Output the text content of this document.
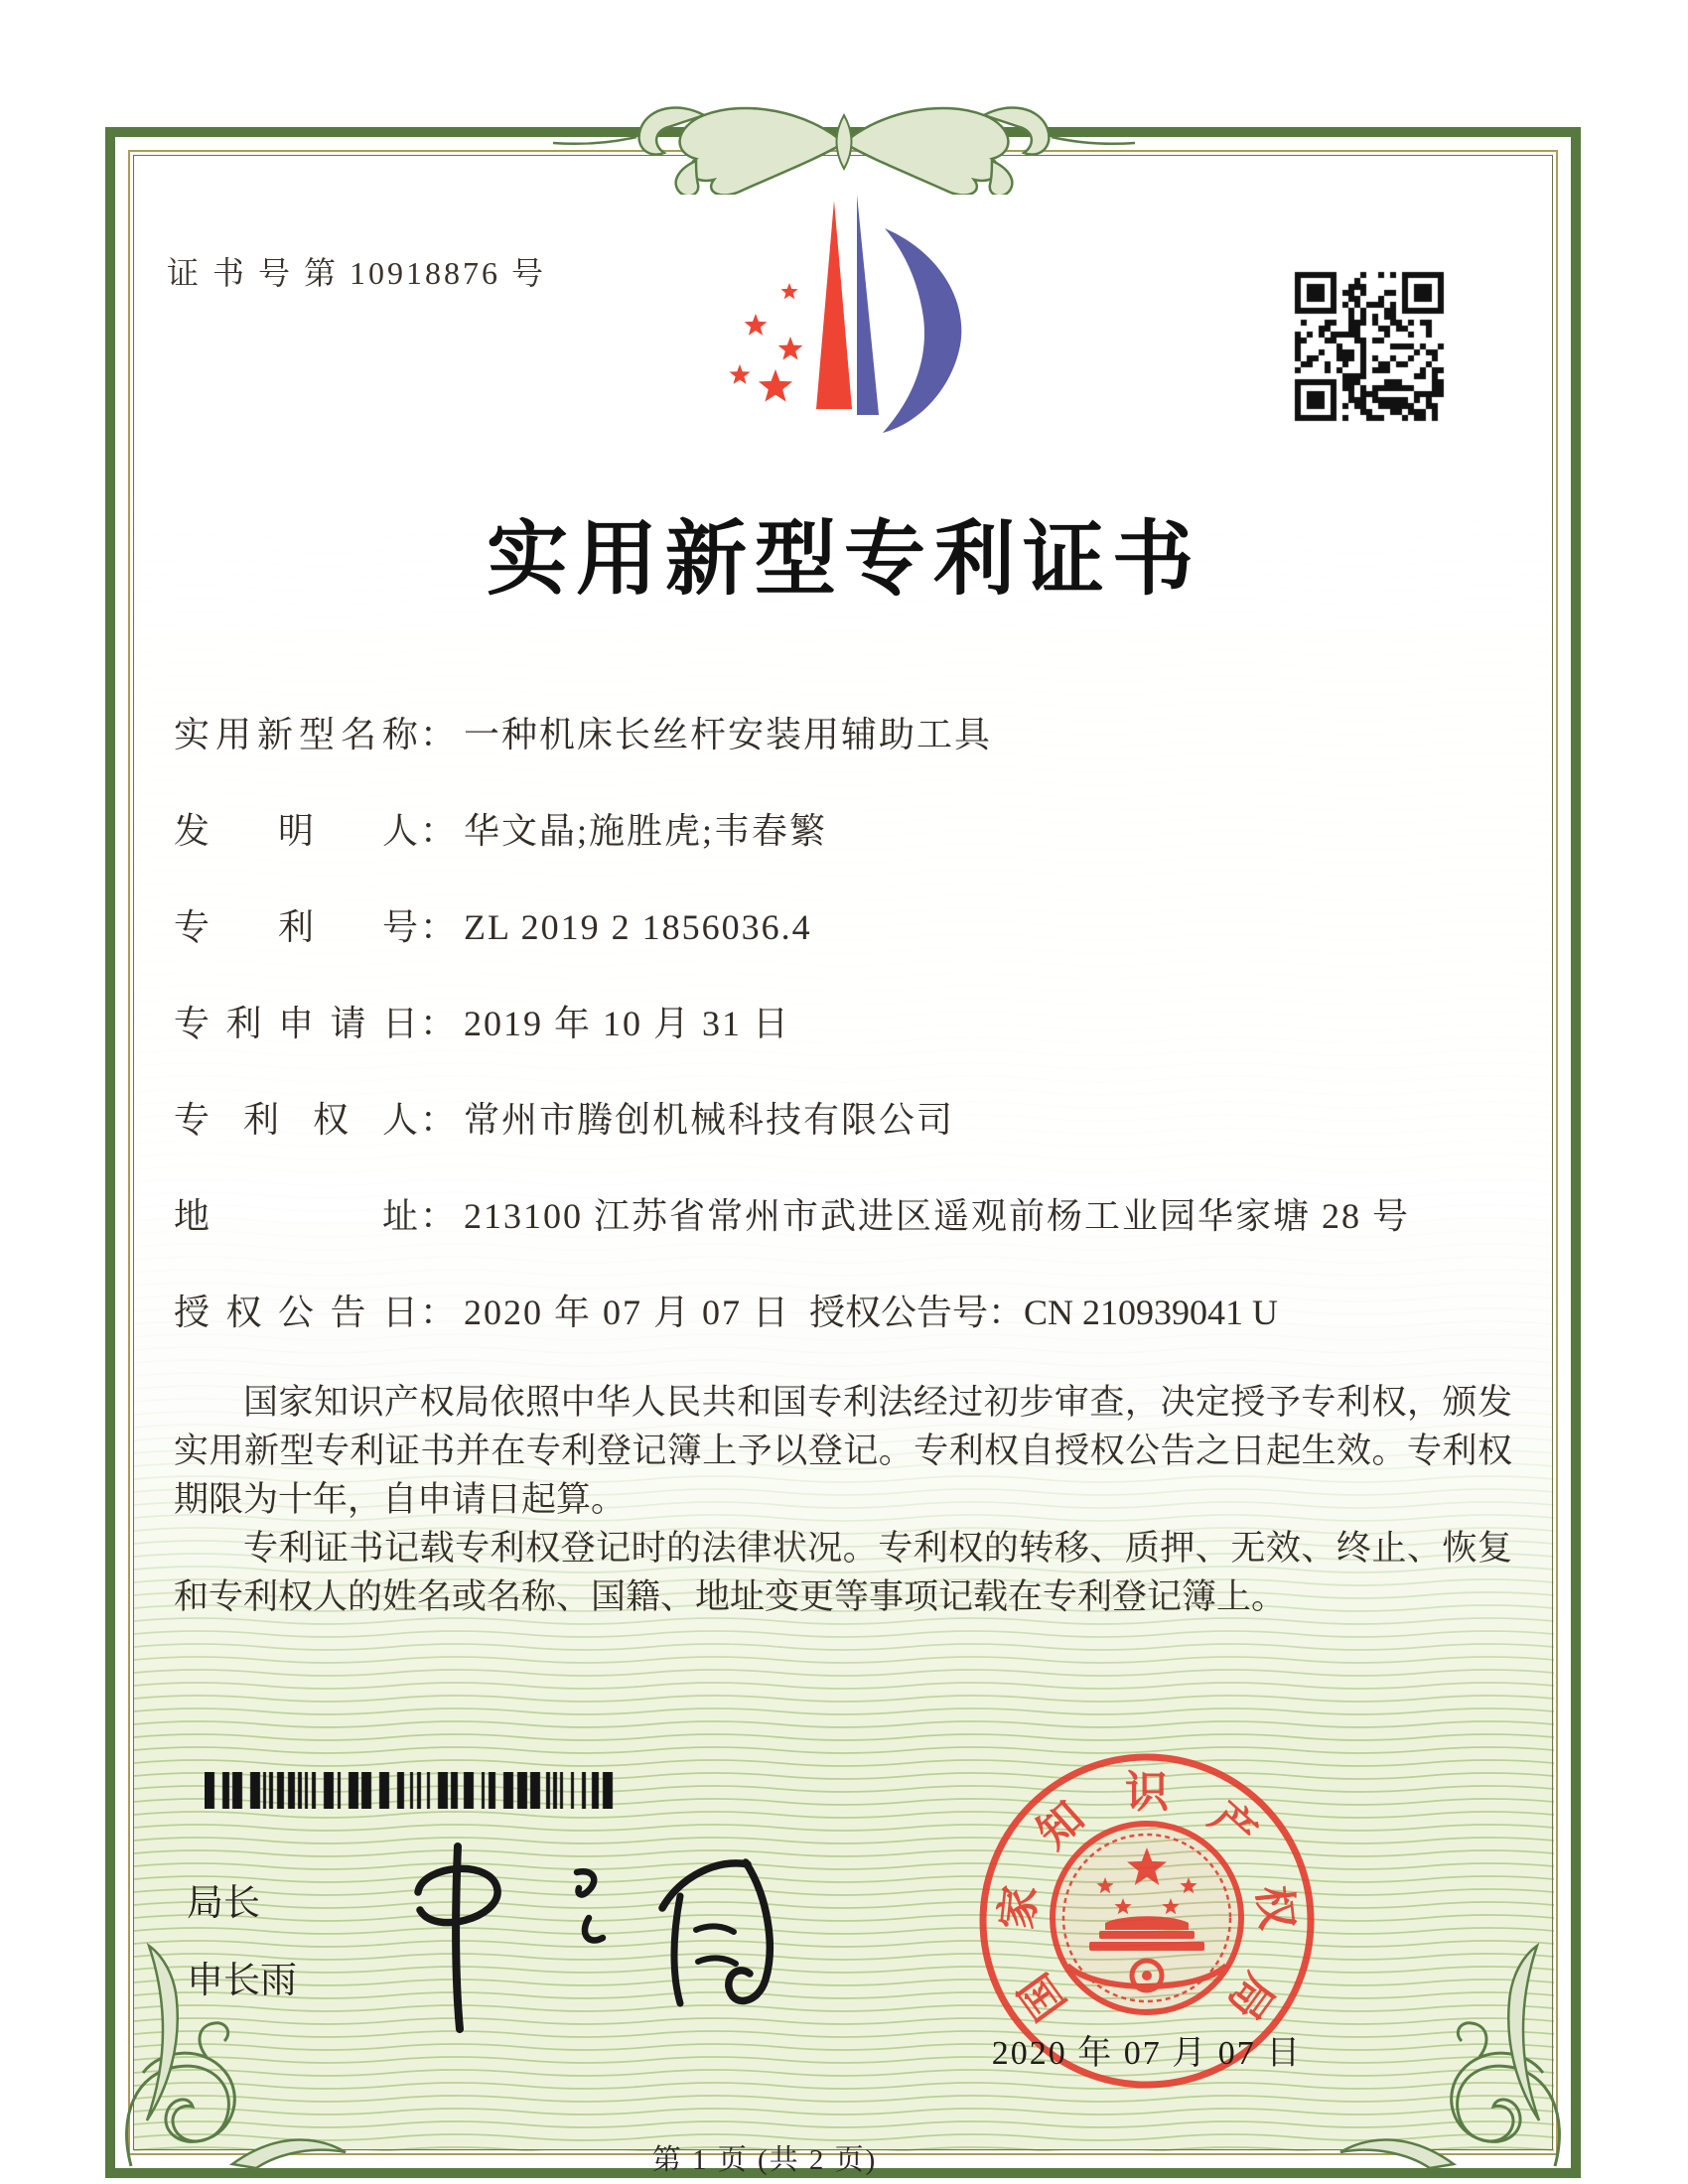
证 书 号 第 10918876 号
实用新型专利证书
实 用 新 型 名 称 ： 一种机床长丝杆安装用辅助工具
发 明 人 ： 华文晶;施胜虎;韦春繁
专 利 号 ： ZL 2019 2 1856036.4
专 利 申 请 日 ： 2019 年 10 月 31 日
专 利 权 人 ： 常州市腾创机械科技有限公司
地	址 ： 213100 江苏省常州市武进区遥观前杨工业园华家塘 28 号
授 权 公 告 日 ： 2020 年 07 月 07 日 授权公告号：CN 210939041 U

国家知识产权局依照中华人民共和国专利法经过初步审查，决定授予专利权，颁发实用新型专利证书并在专利登记簿上予以登记。专利权自授权公告之日起生效。专利权期限为十年，自申请日起算。

专利证书记载专利权登记时的法律状况。专利权的转移、质押、无效、终止、恢复和专利权人的姓名或名称、国籍、地址变更等事项记载在专利登记簿上。

局长
申长雨	国
家
知
识
产
权
局
2020 年 07 月 07 日
第 1 页 (共 2 页)
